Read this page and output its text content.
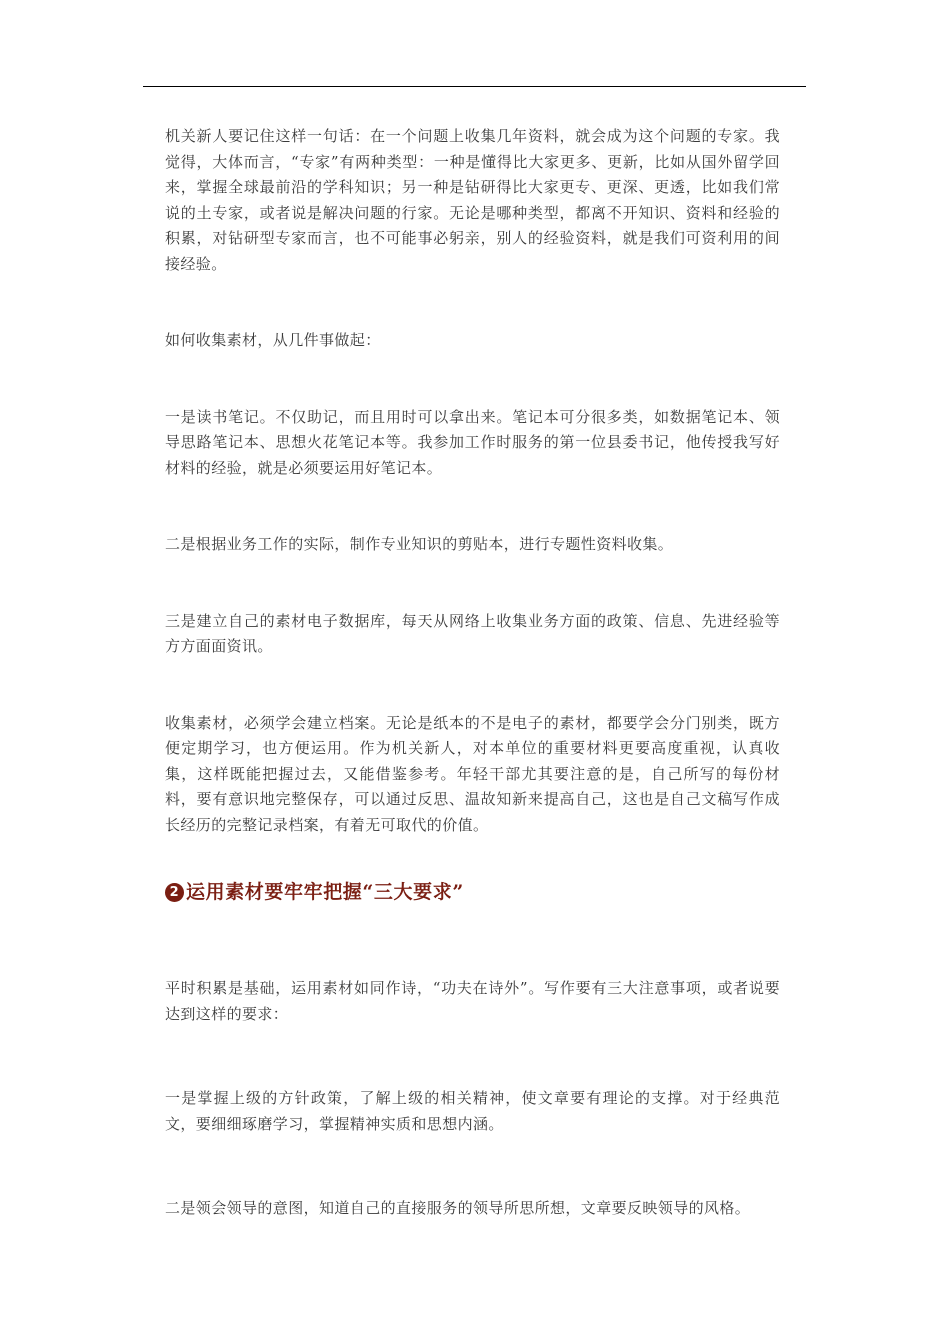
机关新人要记住这样一句话：在一个问题上收集几年资料，就会成为这个问题的专家。我觉得，大体而言，“专家”有两种类型：一种是懂得比大家更多、更新，比如从国外留学回来，掌握全球最前沿的学科知识；另一种是钻研得比大家更专、更深、更透，比如我们常说的土专家，或者说是解决问题的行家。无论是哪种类型，都离不开知识、资料和经验的积累，对钻研型专家而言，也不可能事必躬亲，别人的经验资料，就是我们可资利用的间接经验。

如何收集素材，从几件事做起：

一是读书笔记。不仅助记，而且用时可以拿出来。笔记本可分很多类，如数据笔记本、领导思路笔记本、思想火花笔记本等。我参加工作时服务的第一位县委书记，他传授我写好材料的经验，就是必须要运用好笔记本。

二是根据业务工作的实际，制作专业知识的剪贴本，进行专题性资料收集。

三是建立自己的素材电子数据库，每天从网络上收集业务方面的政策、信息、先进经验等方方面面资讯。

收集素材，必须学会建立档案。无论是纸本的不是电子的素材，都要学会分门别类，既方便定期学习，也方便运用。作为机关新人，对本单位的重要材料更要高度重视，认真收集，这样既能把握过去，又能借鉴参考。年轻干部尤其要注意的是，自己所写的每份材料，要有意识地完整保存，可以通过反思、温故知新来提高自己，这也是自己文稿写作成长经历的完整记录档案，有着无可取代的价值。

2 运用素材要牢牢把握“三大要求”

平时积累是基础，运用素材如同作诗，“功夫在诗外”。写作要有三大注意事项，或者说要达到这样的要求：

一是掌握上级的方针政策，了解上级的相关精神，使文章要有理论的支撑。对于经典范文，要细细琢磨学习，掌握精神实质和思想内涵。

二是领会领导的意图，知道自己的直接服务的领导所思所想，文章要反映领导的风格。
